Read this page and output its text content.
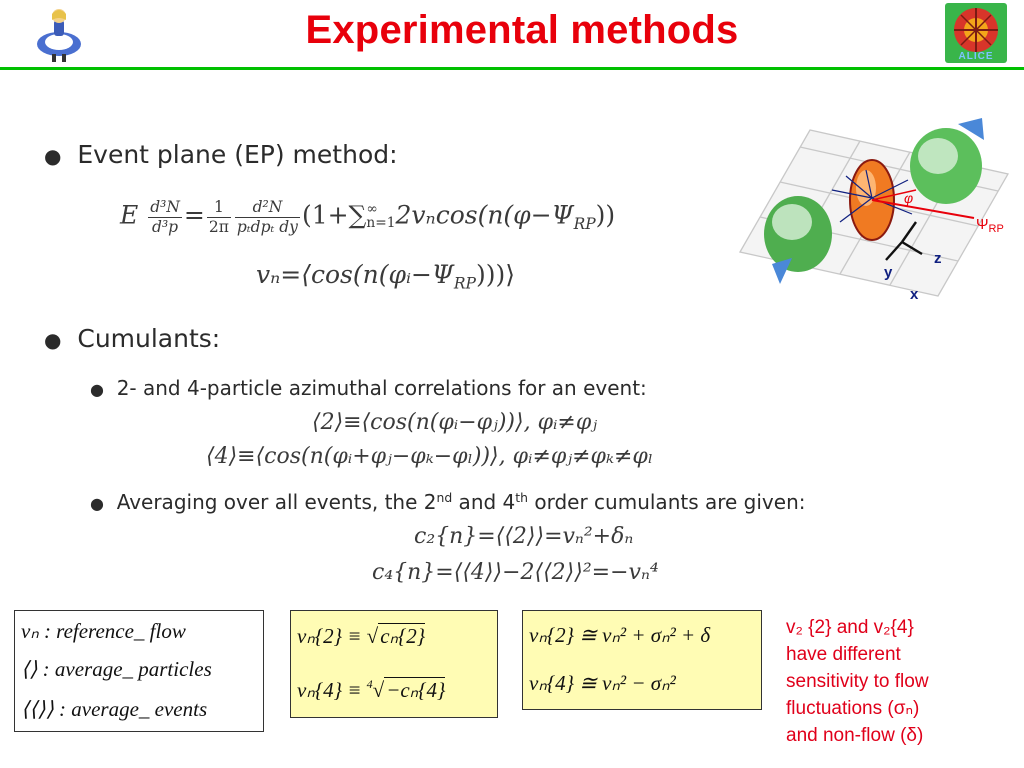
Experimental methods
ALICE
● Event plane (EP) method:
E $\frac{\text{d³N}}{\text{d³p}} = \frac{1}{2\pi} \frac{\text{d²N}}{\text{pₜdpₜ dy}} (1+\sum$ ∞
n=1 $2v_n\cos(n(\varphi-\Psi_{RP}))$
$v_n=⟨\cos(n(\varphi ᵢ-\Psi_{RP})))⟩$
● Cumulants:
● 2- and 4-particle azimuthal correlations for an event:
⟨2⟩≡⟨cos(n(φᵢ−φⱼ))⟩, φᵢ≠φⱼ
⟨4⟩≡⟨cos(n(φᵢ+φⱼ−φₖ−φₗ))⟩, φᵢ≠φⱼ≠φₖ≠φₗ
● Averaging over all events, the 2nd and 4th order cumulants are given:
c₂{n}=⟨⟨2⟩⟩=vₙ²+δₙ
c₄{n}=⟨⟨4⟩⟩−2⟨⟨2⟩⟩²=−vₙ⁴
vₙ : reference_ flow
⟨⟩ : average_ particles
⟨⟨⟩⟩ : average_ events
vₙ{2} ≡ √cₙ{2}
vₙ{4} ≡ $^4$√−cₙ{4}
vₙ{2} ≅ vₙ² + σₙ² + δ
vₙ{4} ≅ vₙ² − σₙ²
v₂ {2} and v₂{4}
have different
sensitivity to flow
fluctuations (σₙ)
and non-flow (δ)
$\Psi_{RP}$
φ
z
y
x
